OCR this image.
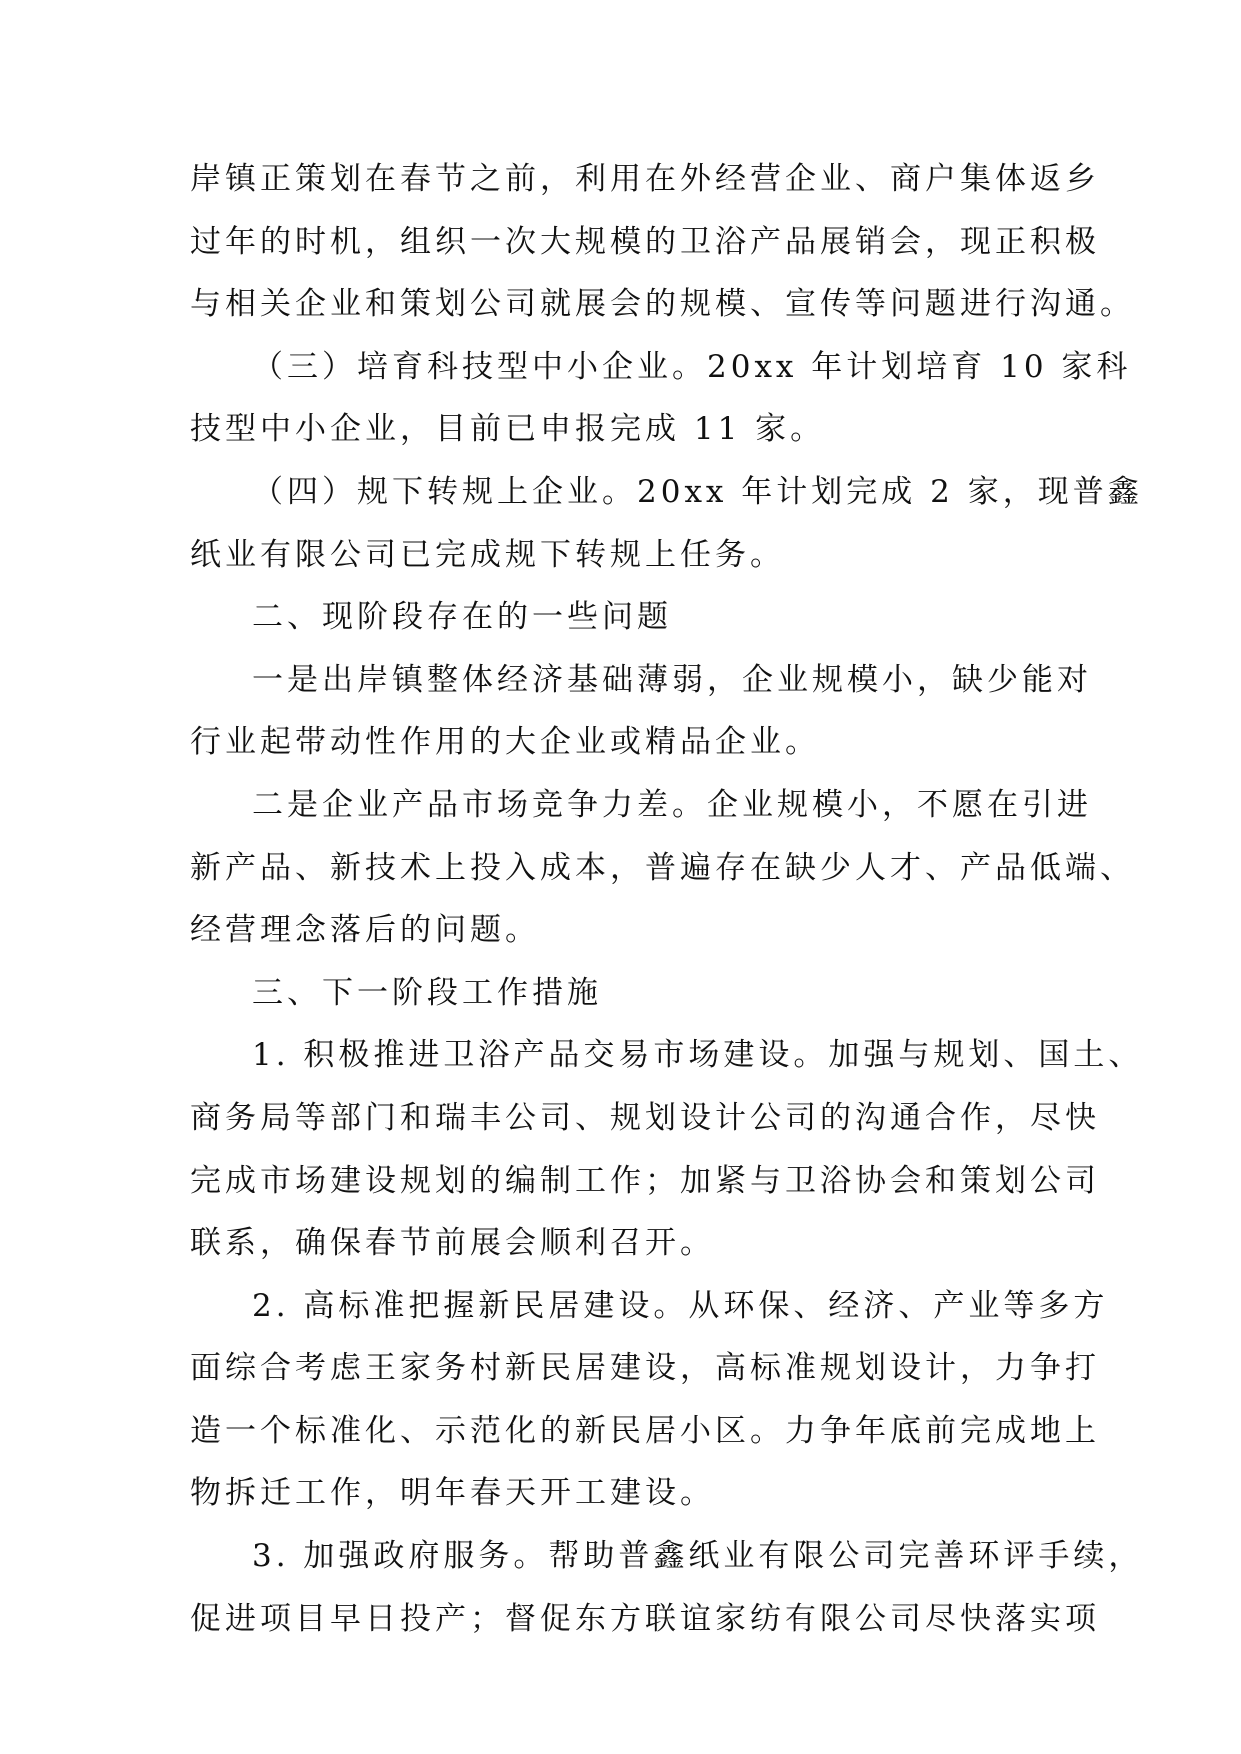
岸镇正策划在春节之前，利用在外经营企业、商户集体返乡
过年的时机，组织一次大规模的卫浴产品展销会，现正积极
与相关企业和策划公司就展会的规模、宣传等问题进行沟通。
（三）培育科技型中小企业。20xx 年计划培育 10 家科
技型中小企业，目前已申报完成 11 家。
（四）规下转规上企业。20xx 年计划完成 2 家，现普鑫
纸业有限公司已完成规下转规上任务。
二、现阶段存在的一些问题
一是出岸镇整体经济基础薄弱，企业规模小，缺少能对
行业起带动性作用的大企业或精品企业。
二是企业产品市场竞争力差。企业规模小，不愿在引进
新产品、新技术上投入成本，普遍存在缺少人才、产品低端、
经营理念落后的问题。
三、下一阶段工作措施
1. 积极推进卫浴产品交易市场建设。加强与规划、国土、
商务局等部门和瑞丰公司、规划设计公司的沟通合作，尽快
完成市场建设规划的编制工作；加紧与卫浴协会和策划公司
联系，确保春节前展会顺利召开。
2. 高标准把握新民居建设。从环保、经济、产业等多方
面综合考虑王家务村新民居建设，高标准规划设计，力争打
造一个标准化、示范化的新民居小区。力争年底前完成地上
物拆迁工作，明年春天开工建设。
3. 加强政府服务。帮助普鑫纸业有限公司完善环评手续，
促进项目早日投产；督促东方联谊家纺有限公司尽快落实项
